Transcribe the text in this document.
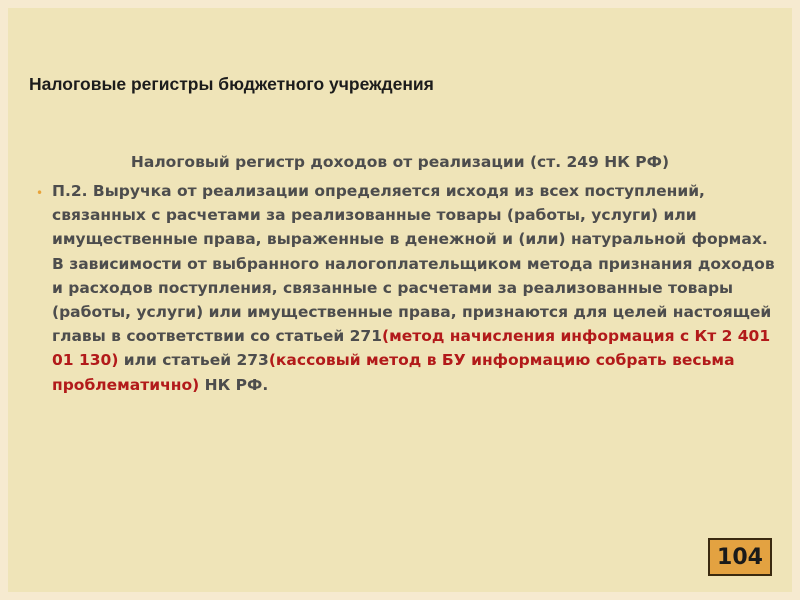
Налоговые регистры бюджетного учреждения
Налоговый регистр доходов от реализации (ст. 249 НК РФ)
• П.2. Выручка от реализации определяется исходя из всех поступлений, связанных с расчетами за реализованные товары (работы, услуги) или имущественные права, выраженные в денежной и (или) натуральной формах. В зависимости от выбранного налогоплательщиком метода признания доходов и расходов поступления, связанные с расчетами за реализованные товары (работы, услуги) или имущественные права, признаются для целей настоящей главы в соответствии со статьей 271(метод начисления информация с Кт 2 401 01 130) или статьей 273(кассовый метод в БУ информацию собрать весьма проблематично) НК РФ.

104
